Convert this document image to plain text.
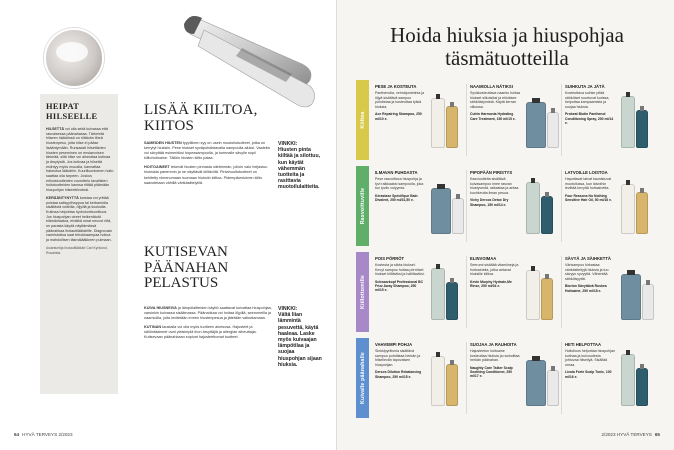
HEIPAT HILSEELLE

HILSETTÄ voi olla sekä kuivassa että rasvaisessa päänahassa. Tärkeintä hilseen häädössä on riittävän tiheä hiustenpesu, jotta hilse ei pääse lisääntymään. Runsaasti hilsettävien hiusten peseminen on ensiarvoisen tärkeää, sillä hilse voi aiheuttaa kutinaa ja ärsytystä. Jos kutinaa ja hilsettä esiintyy myös muualla, kannattaa hakeutua lääkäriin. Kuurilluontoinen hoito saattaa olla tarpeen. Joskus erikoistuotteiden vuorottelu tavallisten hoitotuotteiden kanssa riittää pitämään hiuspohjan hilseettömänä.

KERÄÄNTYNYTTÄ karstaa voi yrittää poistaa salisyylihappoa tai kerbamidia sisältäviä voiteilla, öljyillä ja liuoksilla. Kutinaa helpottaa hydrokortisoniliuos. Jos hiuspohjan oireet heikentävät elämänlaatua, eivätkä omat neuvot riitä, on parasta käydä näyttämässä päänahkaa ihotautilääkärille. Diagnoosin varmistuttua saat tehokkaampaa hoitoa ja mahdollisen täsmälääkkeen pulmaan.

Asiantuntija ihotautilääkäri Carl Kyrklund, Rosarista.
LISÄÄ KIILTOA, KIITOS

SAMEIDEN HIUSTEN tyypillinen syy on usein muotoilutuotteet, jotka on kerrytyt hiuksiin. Pese hiukset syväpuhdistavalla sampoolla aluksi. Vaaleita voi sävyttää esimerkiksi hopeasampoolla, ja tummalle sävylle sopii kiiltohoitoaine. Tällöin hiusten kiilto palaa.

HOITOAINEET tekevät hiusten pinnasta sileämmän, jolloin valo heijastuu hiuksista paremmin ja ne näyttävät kiiltäviltä. Pintahuoltotuotteet on kehitetty nimenomaan tuomaan hiuksiin kiiltoa. Pidempikestoinen kiilto saavutetaan vähillä värikäsittelyillä.

VINKKI:
Hiusten pinta kiiltää ja silottuu, kun käytät vähemmän tuotteita ja rasittavia muotoilulaitteita.
KUTISEVAN PÄÄNAHAN PELASTUS

KUIVA HIUSNEIVA ja lämpölaitteiden käyttö saattavat kuivattaa hiuspohjaa, varsinkin kuivassa sisäilmassa. Päänahkaa voi hoitaa öljyillä, seerumeilla ja naamioilla, joita levitetään ennen hiustenpesua ja jätetään vaikuttamaan.

KUTINAN taustalla voi olla myös tuotteen ainesosa. Hajusteet ja säilöntäaineet ovat yleisimpiä ihon ärsyttäjiä ja allergian aiheuttajia. Kutisevaan päänahkaan sopivat hajusteettomat tuotteet.

VINKKI:
Vältä liian lämmintä pesuvettä, käytä haaleaa. Laske myös kuivaajan lämpötilaa ja suojaa hiuspohjan sijaan hiuksia.
64 HYVÄ TERVEYS 2/2023
Hoida hiuksia ja hiuspohjaa täsmätuotteilla
Kiiltoa
PESE JA KOSTEUTA
Panthenolia, vehnäproteiinia ja öljyä sisältävä sampoo puhdistaa ja kosteuttaa tylsiä hiuksia.
Ace Repairing Shampoo, 250 ml/10 e.
NAAMIOLLA NÄTIKSI
Syväkosteuttava naamio hoitaa hiukset silkoisiksi ja ehkäisee sähköistymistä. Käytä kerran viikossa.
Cutrin Harmonia Hydrating Care Treatment, 150 ml/15 e.
SUIHKUTA JA JÄTÄ
Kosteuttava suihke pitää sähköiset suortuvat kurissa, helpottaa kampaamista ja suojaa hiuksia.
Probeat Biotin Panthenol Conditioning Spray, 200 ml/14 e.
Rasvoittuville
ILMAVAN PUHDASTA
Pese rasvoittuva hiuspohja ja tyvi raikkaaksi sampoolla, joka tuo tyviin volyymia.
Kérastase Spécifique Bain Divalent, 250 ml/31,50 e.
PIPOPÄÄN PIRISTYS
Kasviuutteita sisältävä kuivasampoo imee rasvan hiustyvestä, raikastaa ja antaa kuohkeutta ilman pesua.
Vichy Dercos Detox Dry Shampoo, 150 ml/14 e.
LATVOILLE LOISTOA
Hapottavat latvat kaunistuvat muotoilussa, kun latvoihin levittää kevyttä hoitoainetta.
Four Reasons No Nothing Sensitive Hair Oil, 50 ml/16 e.
Kiillottomille
POIS PÖRRÖT
Kosteuta ja silota hiukset. Kevyt sampoo hoitaa pörröiset hiukset kiiltäviksi ja hallittaviksi.
Schwarzkopf Professional BC Frizz Away Shampoo, 250 ml/15 e.
ELINVOIMAA
Seerumi sisältää vitamiineja ja hoitoaineita, jotka antavat hiuksille kiiltoa.
Kevin Murphy Hydrate-Me Rinse, 250 ml/34 e.
SÄVYÄ JA SÄIHKETTÄ
Värisampoo kirkastaa värikäsiteltyjä hiuksia ja tuo sävyyn syvyyttä. Vähentää sähköisyyttä.
Biorion Sävyttävä Ruskea Hoitoaine, 250 ml/18 e.
Kuivalle päänahalle
VAHVEMPI POHJA
Sinkkipyritionia sisältävä sampoo puhdistaa herkän ja hilseilevän tapovaisen hiuspohjan.
Dercos Dilution Rebalancing Shampoo, 250 ml/15 e.
SUOJAA JA RAUHOITA
Hajusteeton hoitoaine kosteuttaa hiuksia ja rauhoittaa herkän päänahan.
Naughty Care Taiker Scalp Soothing Conditioner, 250 ml/17 e.
HETI HELPOTTAA
Hoitoliuos helpottaa hiuspohjan kutinaa ja kuivuudesta johtuvaa hilseilyä. Sisältää ureaa.
Livola Forte Scalp Tonic, 100 ml/16 e.
2/2023 HYVÄ TERVEYS 65
